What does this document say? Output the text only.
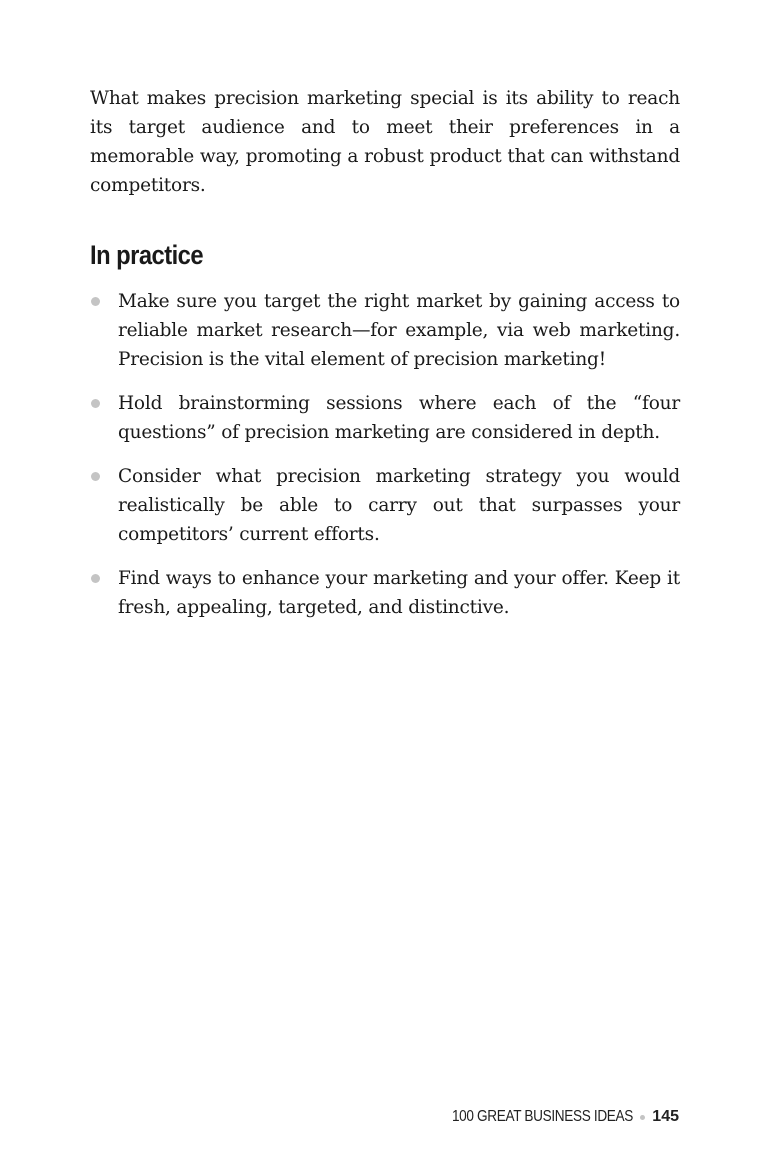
What makes precision marketing special is its ability to reach its target audience and to meet their preferences in a memorable way, promoting a robust product that can withstand competitors.

In practice
Make sure you target the right market by gaining access to reliable market research—for example, via web marketing. Precision is the vital element of precision marketing!
Hold brainstorming sessions where each of the “four questions” of precision marketing are considered in depth.
Consider what precision marketing strategy you would realistically be able to carry out that surpasses your competitors’ current efforts.
Find ways to enhance your marketing and your offer. Keep it fresh, appealing, targeted, and distinctive.
100 GREAT BUSINESS IDEAS 145
